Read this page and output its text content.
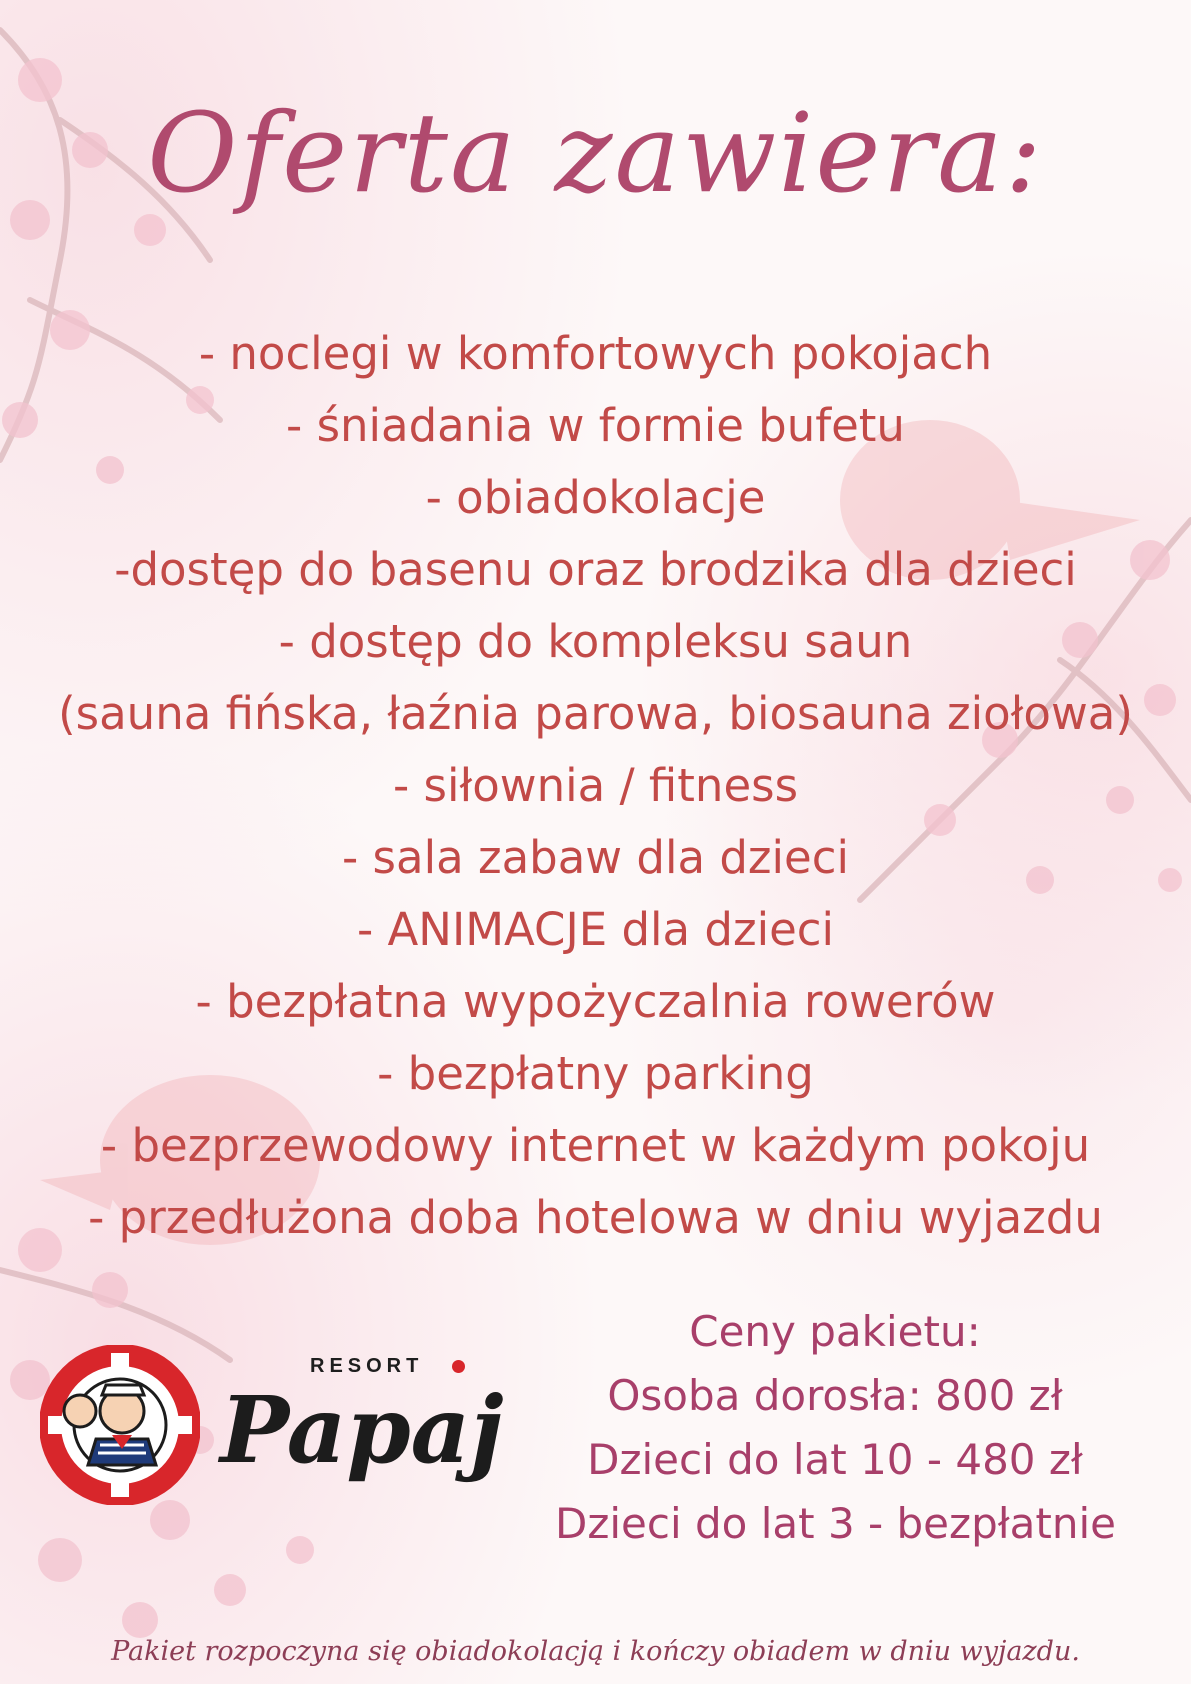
Oferta zawiera:
- noclegi w komfortowych pokojach
- śniadania w formie bufetu
- obiadokolacje
-dostęp do basenu oraz brodzika dla dzieci
- dostęp do kompleksu saun
(sauna fińska, łaźnia parowa, biosauna ziołowa)
- siłownia / fitness
- sala zabaw dla dzieci
- ANIMACJE dla dzieci
- bezpłatna wypożyczalnia rowerów
- bezpłatny parking
- bezprzewodowy internet w każdym pokoju
- przedłużona doba hotelowa w dniu wyjazdu
RESORT
Papaj
Ceny pakietu:
Osoba dorosła: 800 zł
Dzieci do lat 10 - 480 zł
Dzieci do lat 3 - bezpłatnie
Pakiet rozpoczyna się obiadokolacją i kończy obiadem w dniu wyjazdu.
